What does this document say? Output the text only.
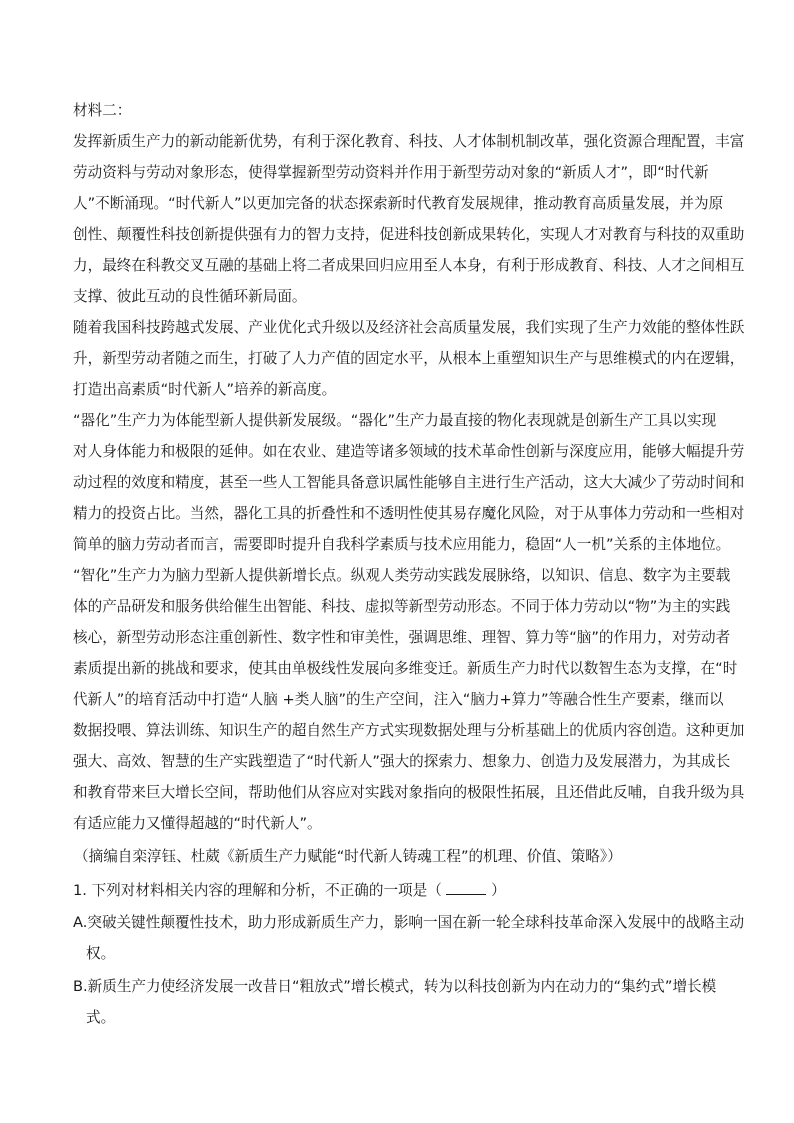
材料二：
发挥新质生产力的新动能新优势，有利于深化教育、科技、人才体制机制改革，强化资源合理配置，丰富
劳动资料与劳动对象形态，使得掌握新型劳动资料并作用于新型劳动对象的“新质人才”，即“时代新
人”不断涌现。“时代新人”以更加完备的状态探索新时代教育发展规律，推动教育高质量发展，并为原
创性、颠覆性科技创新提供强有力的智力支持，促进科技创新成果转化，实现人才对教育与科技的双重助
力，最终在科教交叉互融的基础上将二者成果回归应用至人本身，有利于形成教育、科技、人才之间相互
支撑、彼此互动的良性循环新局面。
随着我国科技跨越式发展、产业优化式升级以及经济社会高质量发展，我们实现了生产力效能的整体性跃
升，新型劳动者随之而生，打破了人力产值的固定水平，从根本上重塑知识生产与思维模式的内在逻辑，
打造出高素质“时代新人”培养的新高度。
“器化”生产力为体能型新人提供新发展级。“器化”生产力最直接的物化表现就是创新生产工具以实现
对人身体能力和极限的延伸。如在农业、建造等诸多领域的技术革命性创新与深度应用，能够大幅提升劳
动过程的效度和精度，甚至一些人工智能具备意识属性能够自主进行生产活动，这大大减少了劳动时间和
精力的投资占比。当然，器化工具的折叠性和不透明性使其易存魔化风险，对于从事体力劳动和一些相对
简单的脑力劳动者而言，需要即时提升自我科学素质与技术应用能力，稳固“人一机”关系的主体地位。
“智化”生产力为脑力型新人提供新增长点。纵观人类劳动实践发展脉络，以知识、信息、数字为主要载
体的产品研发和服务供给催生出智能、科技、虚拟等新型劳动形态。不同于体力劳动以“物”为主的实践
核心，新型劳动形态注重创新性、数字性和审美性，强调思维、理智、算力等“脑”的作用力，对劳动者
素质提出新的挑战和要求，使其由单极线性发展向多维变迁。新质生产力时代以数智生态为支撑，在“时
代新人”的培育活动中打造“人脑 +类人脑”的生产空间，注入“脑力+算力”等融合性生产要素，继而以
数据投喂、算法训练、知识生产的超自然生产方式实现数据处理与分析基础上的优质内容创造。这种更加
强大、高效、智慧的生产实践塑造了“时代新人”强大的探索力、想象力、创造力及发展潜力，为其成长
和教育带来巨大增长空间，帮助他们从容应对实践对象指向的极限性拓展，且还借此反哺，自我升级为具
有适应能力又懂得超越的“时代新人”。
（摘编自栾淳钰、杜葳《新质生产力赋能“时代新人铸魂工程”的机理、价值、策略》）
1. 下列对材料相关内容的理解和分析，不正确的一项是（	）
A.突破关键性颠覆性技术，助力形成新质生产力，影响一国在新一轮全球科技革命深入发展中的战略主动
权。
B.新质生产力使经济发展一改昔日“粗放式”增长模式，转为以科技创新为内在动力的“集约式”增长模
式。
